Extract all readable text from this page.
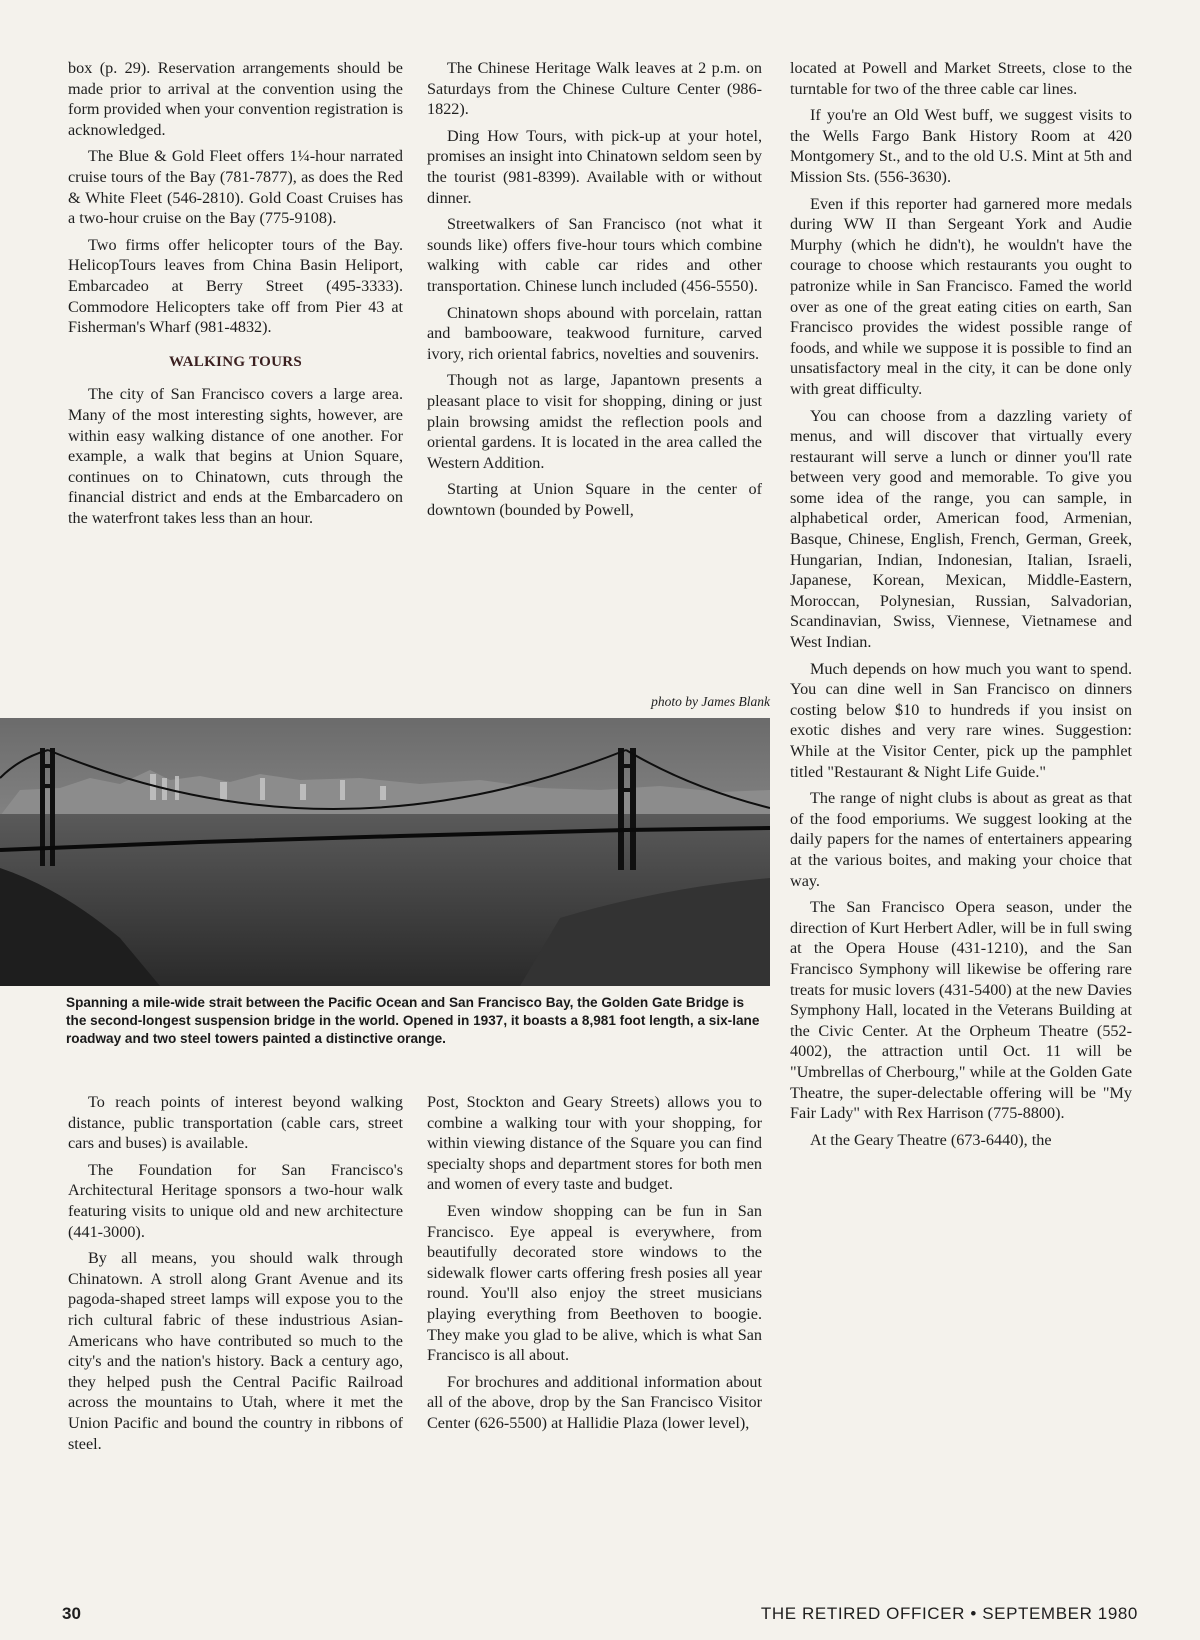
box (p. 29). Reservation arrangements should be made prior to arrival at the convention using the form provided when your convention registration is acknowledged.

The Blue & Gold Fleet offers 1¼-hour narrated cruise tours of the Bay (781-7877), as does the Red & White Fleet (546-2810). Gold Coast Cruises has a two-hour cruise on the Bay (775-9108).

Two firms offer helicopter tours of the Bay. HelicopTours leaves from China Basin Heliport, Embarcadeo at Berry Street (495-3333). Commodore Helicopters take off from Pier 43 at Fisherman's Wharf (981-4832).

WALKING TOURS

The city of San Francisco covers a large area. Many of the most interesting sights, however, are within easy walking distance of one another. For example, a walk that begins at Union Square, continues on to Chinatown, cuts through the financial district and ends at the Embarcadero on the waterfront takes less than an hour.

The Chinese Heritage Walk leaves at 2 p.m. on Saturdays from the Chinese Culture Center (986-1822).

Ding How Tours, with pick-up at your hotel, promises an insight into Chinatown seldom seen by the tourist (981-8399). Available with or without dinner.

Streetwalkers of San Francisco (not what it sounds like) offers five-hour tours which combine walking with cable car rides and other transportation. Chinese lunch included (456-5550).

Chinatown shops abound with porcelain, rattan and bambooware, teakwood furniture, carved ivory, rich oriental fabrics, novelties and souvenirs.

Though not as large, Japantown presents a pleasant place to visit for shopping, dining or just plain browsing amidst the reflection pools and oriental gardens. It is located in the area called the Western Addition.

Starting at Union Square in the center of downtown (bounded by Powell,

photo by James Blank
Spanning a mile-wide strait between the Pacific Ocean and San Francisco Bay, the Golden Gate Bridge is the second-longest suspension bridge in the world. Opened in 1937, it boasts a 8,981 foot length, a six-lane roadway and two steel towers painted a distinctive orange.

located at Powell and Market Streets, close to the turntable for two of the three cable car lines.

If you're an Old West buff, we suggest visits to the Wells Fargo Bank History Room at 420 Montgomery St., and to the old U.S. Mint at 5th and Mission Sts. (556-3630).

Even if this reporter had garnered more medals during WW II than Sergeant York and Audie Murphy (which he didn't), he wouldn't have the courage to choose which restaurants you ought to patronize while in San Francisco. Famed the world over as one of the great eating cities on earth, San Francisco provides the widest possible range of foods, and while we suppose it is possible to find an unsatisfactory meal in the city, it can be done only with great difficulty.

You can choose from a dazzling variety of menus, and will discover that virtually every restaurant will serve a lunch or dinner you'll rate between very good and memorable. To give you some idea of the range, you can sample, in alphabetical order, American food, Armenian, Basque, Chinese, English, French, German, Greek, Hungarian, Indian, Indonesian, Italian, Israeli, Japanese, Korean, Mexican, Middle-Eastern, Moroccan, Polynesian, Russian, Salvadorian, Scandinavian, Swiss, Viennese, Vietnamese and West Indian.

Much depends on how much you want to spend. You can dine well in San Francisco on dinners costing below $10 to hundreds if you insist on exotic dishes and very rare wines. Suggestion: While at the Visitor Center, pick up the pamphlet titled "Restaurant & Night Life Guide."

The range of night clubs is about as great as that of the food emporiums. We suggest looking at the daily papers for the names of entertainers appearing at the various boites, and making your choice that way.

The San Francisco Opera season, under the direction of Kurt Herbert Adler, will be in full swing at the Opera House (431-1210), and the San Francisco Symphony will likewise be offering rare treats for music lovers (431-5400) at the new Davies Symphony Hall, located in the Veterans Building at the Civic Center. At the Orpheum Theatre (552-4002), the attraction until Oct. 11 will be "Umbrellas of Cherbourg," while at the Golden Gate Theatre, the super-delectable offering will be "My Fair Lady" with Rex Harrison (775-8800).

At the Geary Theatre (673-6440), the

To reach points of interest beyond walking distance, public transportation (cable cars, street cars and buses) is available.

The Foundation for San Francisco's Architectural Heritage sponsors a two-hour walk featuring visits to unique old and new architecture (441-3000).

By all means, you should walk through Chinatown. A stroll along Grant Avenue and its pagoda-shaped street lamps will expose you to the rich cultural fabric of these industrious Asian-Americans who have contributed so much to the city's and the nation's history. Back a century ago, they helped push the Central Pacific Railroad across the mountains to Utah, where it met the Union Pacific and bound the country in ribbons of steel.

Post, Stockton and Geary Streets) allows you to combine a walking tour with your shopping, for within viewing distance of the Square you can find specialty shops and department stores for both men and women of every taste and budget.

Even window shopping can be fun in San Francisco. Eye appeal is everywhere, from beautifully decorated store windows to the sidewalk flower carts offering fresh posies all year round. You'll also enjoy the street musicians playing everything from Beethoven to boogie. They make you glad to be alive, which is what San Francisco is all about.

For brochures and additional information about all of the above, drop by the San Francisco Visitor Center (626-5500) at Hallidie Plaza (lower level),

30	THE RETIRED OFFICER • SEPTEMBER 1980
